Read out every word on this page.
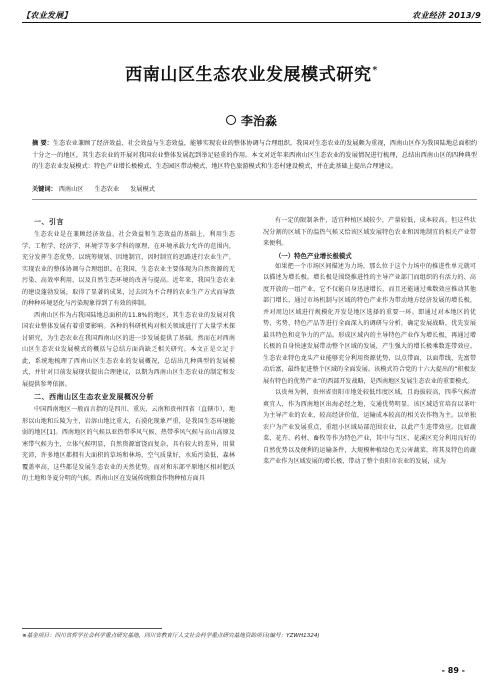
【农业发展】	农业经济 2013/9
西南山区生态农业发展模式研究*
李治淼
摘 要：生态农业兼顾了经济效益、社会效益与生态效益，能够实现农业的整体协调与合理组织。我国对生态农业的发展颇为重视，西南山区作为我国陆地总面积约十分之一的地区，其生态农业的开展对我国农业整体发展起到举足轻重的作用。本文对近年来西南山区生态农业的发展情况进行梳理，总结出西南山区的四种典型的生态农业发展模式：特色产业增长极模式、生态园区带动模式、地区特色旅游模式和生态村建设模式，并在此基础上提出合理建议。
关键词： 西南山区 生态农业 发展模式
一、引言

生态农业是在兼顾经济效益、社会效益和生态效益的基础上，利用生态学、工程学、经济学、环境学等多学科的原理，在环境承载力允许的范围内，充分发挥生态优势，以统筹规划、因地制宜、因时制宜的思路进行农业生产，实现农业的整体协调与合理组织。在我国，生态农业主要体现为自然资源的无污染、高效率利用，以及自然生态环境的改善与提高。近年来，我国生态农业的建设蓬勃发展，取得了显著的成果，过去因为不合理的农业生产方式而导致的种种环境恶化与污染现象得到了有效的抑制。

西南山区作为占我国陆地总面积的11.8%的地区，其生态农业的发展对我国农业整体发展有着重要影响。各种的科研机构对相关领域进行了大量学术探讨研究，为生态农业在我国西南山区的进一步发展提供了基础。然而在对西南山区生态农业发展模式的概括与总结方面尚缺乏相关研究。本文正是立足于此，系统地梳理了西南山区生态农业的发展概况，总结出几种典型的发展模式，并针对目前发展现状提出合理建议，以期为西南山区生态农业的制定和发展提供参考依据。

二、西南山区生态农业发展概况分析

中国西南地区一般而言指的是四川、重庆、云南和贵州四省（直辖市），地形以山地和丘陵为主，岩溶山地比重大，石漠化现象严重，是我国生态环境脆弱的地区[1]。西南地区的气候以亚热带季风气候、热带季风气候与高山高原及寒带气候为主，立体气候明显，自然资源富饶而复杂，具有较大的差异，用量充沛，许多地区都拥有大面积的草场和林场，空气质量好，水质污染低，森林覆盖率高，这些都是发展生态农业的天然优势。而对和东部平原地区相对肥沃的土地和冬夏分明的气候，西南山区在发展传统粮食作物种植方面具

有一定的限制条件，适宜种植区域较少，产量较低，成本较高。但这些状况分割的区域下的温热气候又恰该区域发展特色农业和因地制宜的相关产业带来便利。

（一）特色产业增长极模式

如果把一个市场区间描述为力场，那么位于这个力场中的推进性单元就可以描述为增长极。增长极是围绕推进性的主导产业部门而组织的有活力的、高度开放的一组产业，它不仅能自身迅速增长，而且还能通过乘数效应推动其他部门增长，通过市场机制与区域的特色产业作为带动地方经济发展的增长极，并对周边区域进行规模化开发是地区选择的重要一环。即通过对本地区的优势、劣势、特色产品等进行全面深入的调研与分析，确定发展战略，优先发展最具特色和竞争力的产品。形成区域内的主导特色产业作为增长极，再通过增长极的自身快速发展带动整个区域的发展，产生强大的增长极乘数连带效应。生态农业特色龙头产业能够充分利用资源优势，以点带面，以面带线，先富带动后富，最终促进整个区域的全面发展。该模式符合党的十六大提出的“积极发展有特色的优势产业”的西部开发战略，是西南地区发展生态农业的重要模式。

以贵州为例，贵州省贵阳市地处较低纬度区域，且海拔较高，四季气候清爽宜人，作为西南地区出海必经之地，交通优势明显。该区域适宜培育以茶叶为主导产业的农业，较高经济价值，运输成本较高的相关农作物为主。以单独农户为产业发展重点，重组小区域局部范围农业，以此产生连带效应。比如蔬菜、花卉、药材、畜牧等作为特色产业，其中与当区、花溪区充分利用良好的自然优势以及便利的运输条件，大规模种植绿色无公害蔬菜，将其及特色的蔬菜产业作为区域发展的增长极，带动了整个贵阳市农业的发展，成为

※基金项目：四川省哲学社会科学重点研究基地，四川省教育厅人文社会科学重点研究基地资助项目(编号：YZWH1324)
- 89 -
